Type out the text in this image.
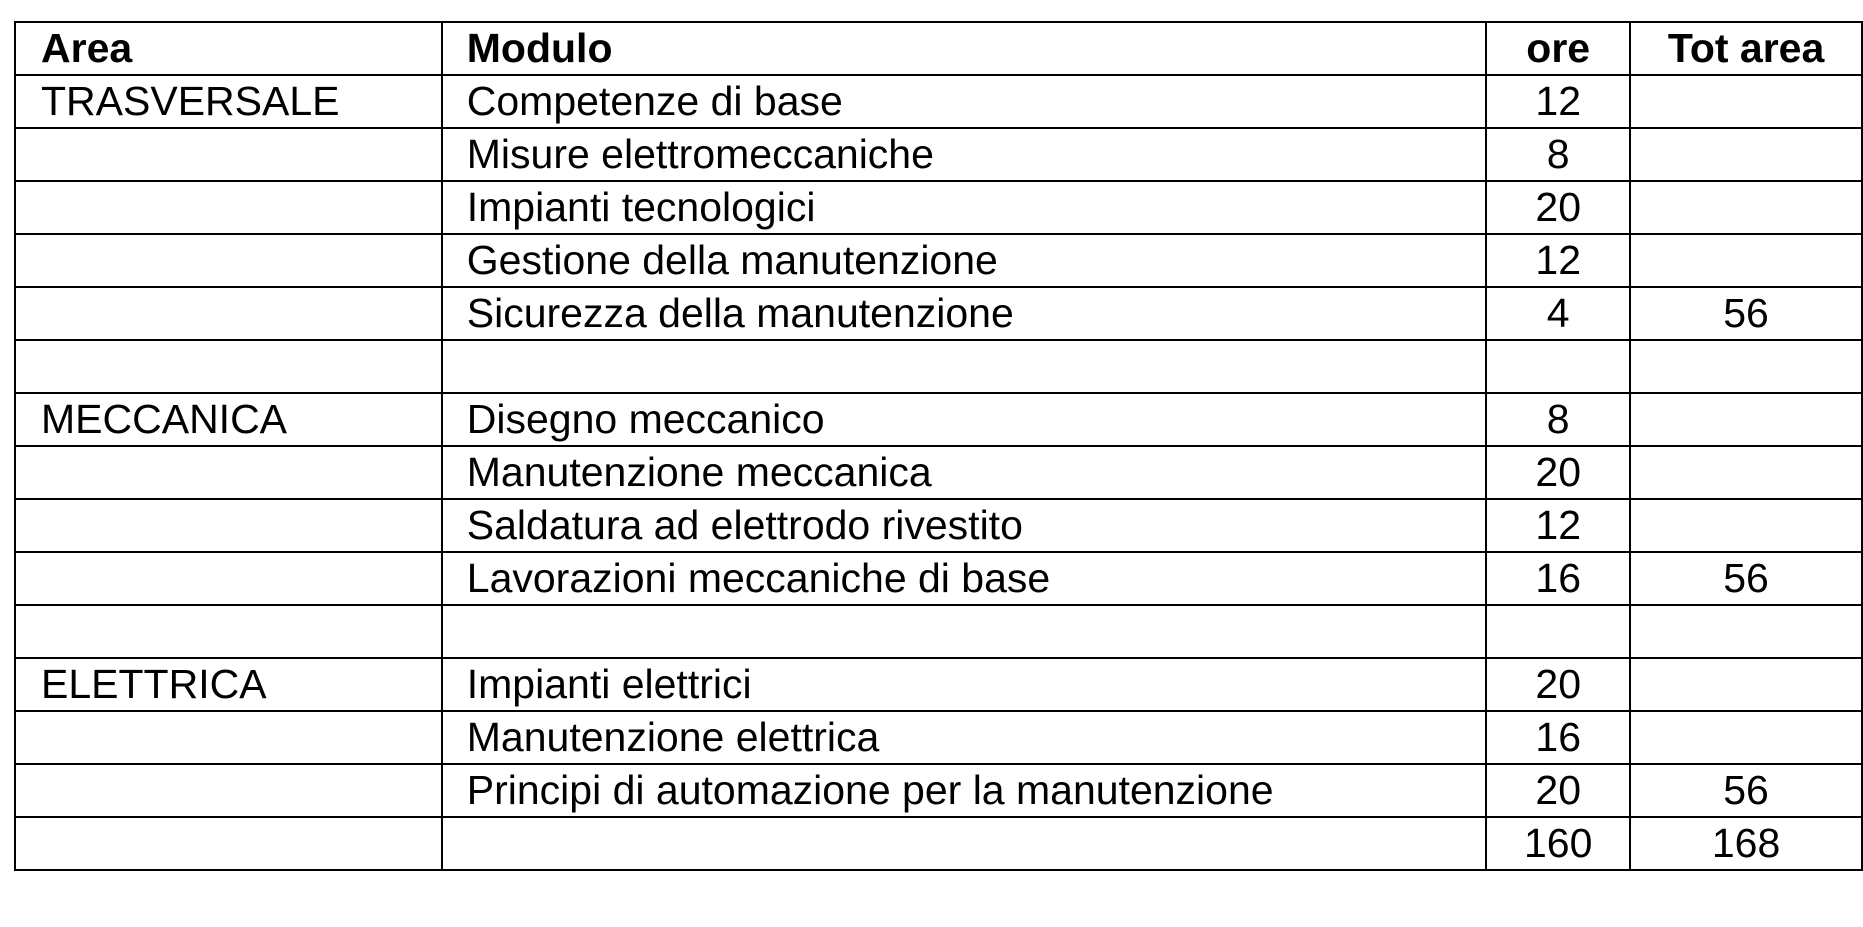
Area	Modulo	ore	Tot area
TRASVERSALE	Competenze di base	12	
	Misure elettromeccaniche	8	
	Impianti tecnologici	20	
	Gestione della manutenzione	12	
	Sicurezza della manutenzione	4	56

MECCANICA	Disegno meccanico	8	
	Manutenzione meccanica	20	
	Saldatura ad elettrodo rivestito	12	
	Lavorazioni meccaniche di base	16	56

ELETTRICA	Impianti elettrici	20	
	Manutenzione elettrica	16	
	Principi di automazione per la manutenzione	20	56
		160	168
